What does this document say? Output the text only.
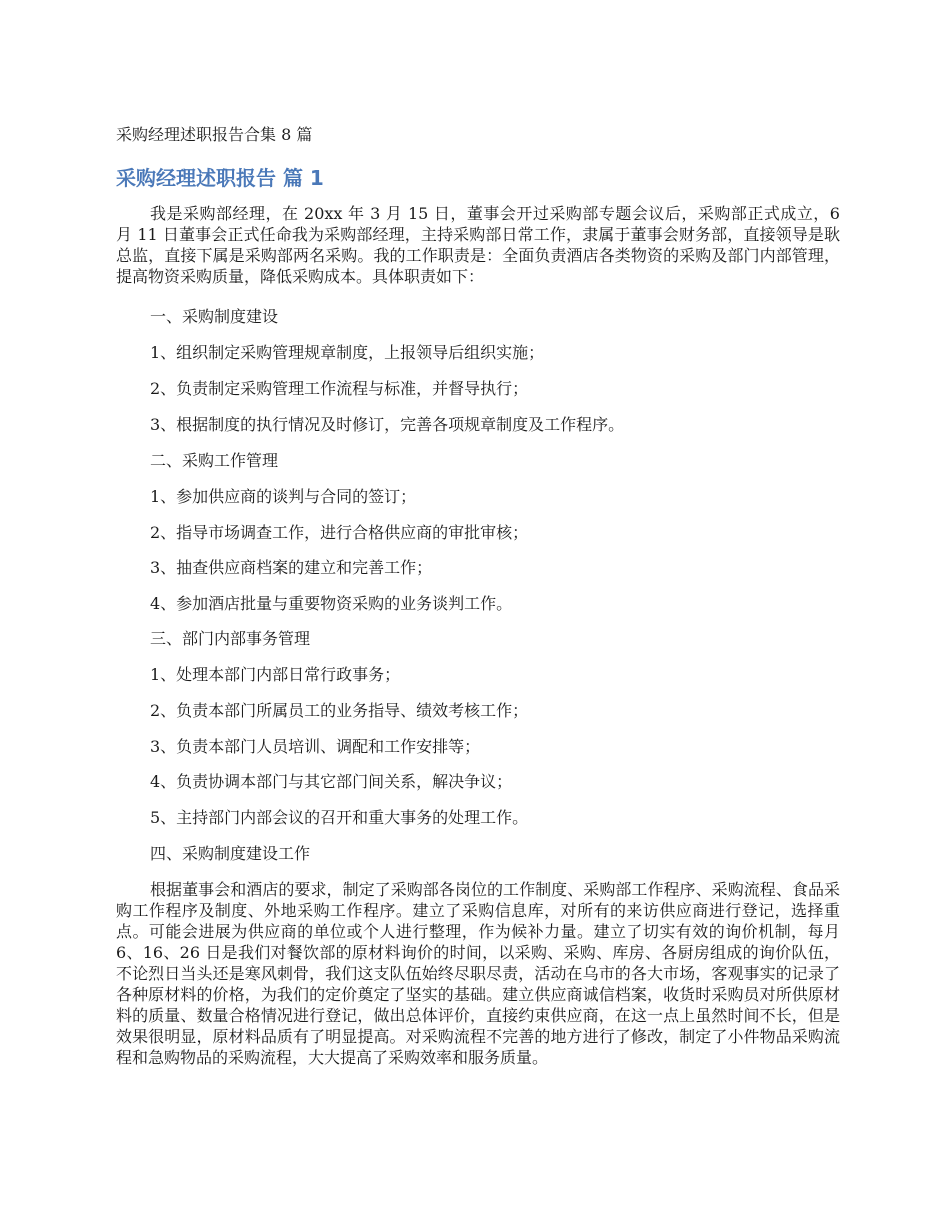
采购经理述职报告合集 8 篇
采购经理述职报告 篇 1
我是采购部经理，在 20xx 年 3 月 15 日，董事会开过采购部专题会议后，采购部正式成立，6 月 11 日董事会正式任命我为采购部经理，主持采购部日常工作，隶属于董事会财务部，直接领导是耿总监，直接下属是采购部两名采购。我的工作职责是：全面负责酒店各类物资的采购及部门内部管理，提高物资采购质量，降低采购成本。具体职责如下：
一、采购制度建设
1、组织制定采购管理规章制度，上报领导后组织实施；
2、负责制定采购管理工作流程与标准，并督导执行；
3、根据制度的执行情况及时修订，完善各项规章制度及工作程序。
二、采购工作管理
1、参加供应商的谈判与合同的签订；
2、指导市场调查工作，进行合格供应商的审批审核；
3、抽查供应商档案的建立和完善工作；
4、参加酒店批量与重要物资采购的业务谈判工作。
三、部门内部事务管理
1、处理本部门内部日常行政事务；
2、负责本部门所属员工的业务指导、绩效考核工作；
3、负责本部门人员培训、调配和工作安排等；
4、负责协调本部门与其它部门间关系，解决争议；
5、主持部门内部会议的召开和重大事务的处理工作。
四、采购制度建设工作
根据董事会和酒店的要求，制定了采购部各岗位的工作制度、采购部工作程序、采购流程、食品采购工作程序及制度、外地采购工作程序。建立了采购信息库，对所有的来访供应商进行登记，选择重点。可能会进展为供应商的单位或个人进行整理，作为候补力量。建立了切实有效的询价机制，每月 6、16、26 日是我们对餐饮部的原材料询价的时间，以采购、采购、库房、各厨房组成的询价队伍，不论烈日当头还是寒风刺骨，我们这支队伍始终尽职尽责，活动在乌市的各大市场，客观事实的记录了各种原材料的价格，为我们的定价奠定了坚实的基础。建立供应商诚信档案，收货时采购员对所供原材料的质量、数量合格情况进行登记，做出总体评价，直接约束供应商，在这一点上虽然时间不长，但是效果很明显，原材料品质有了明显提高。对采购流程不完善的地方进行了修改，制定了小件物品采购流程和急购物品的采购流程，大大提高了采购效率和服务质量。
